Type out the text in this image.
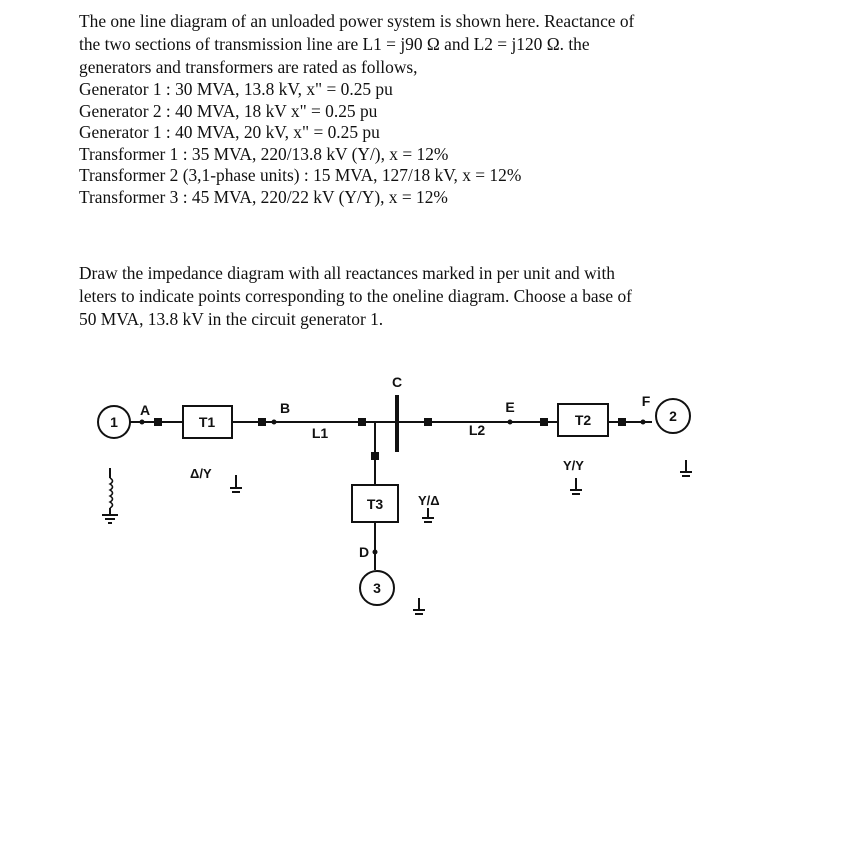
The one line diagram of an unloaded power system is shown here. Reactance of
the two sections of transmission line are L1 = j90 Ω and L2 = j120 Ω. the
generators and transformers are rated as follows,
Generator 1 : 30 MVA, 13.8 kV, x" = 0.25 pu
Generator 2 : 40 MVA, 18 kV x" = 0.25 pu
Generator 1 : 40 MVA, 20 kV, x" = 0.25 pu
Transformer 1 : 35 MVA, 220/13.8 kV (Y/), x = 12%
Transformer 2 (3,1-phase units) : 15 MVA, 127/18 kV, x = 12%
Transformer 3 : 45 MVA, 220/22 kV (Y/Y), x = 12%
Draw the impedance diagram with all reactances marked in per unit and with
leters to indicate points corresponding to the oneline diagram. Choose a base of
50 MVA, 13.8 kV in the circuit generator 1.
1	2
3
T1	T2
T3
L1	L2
A	B
C
D
E	F
Δ/Y
Y/Y
Y/Δ
